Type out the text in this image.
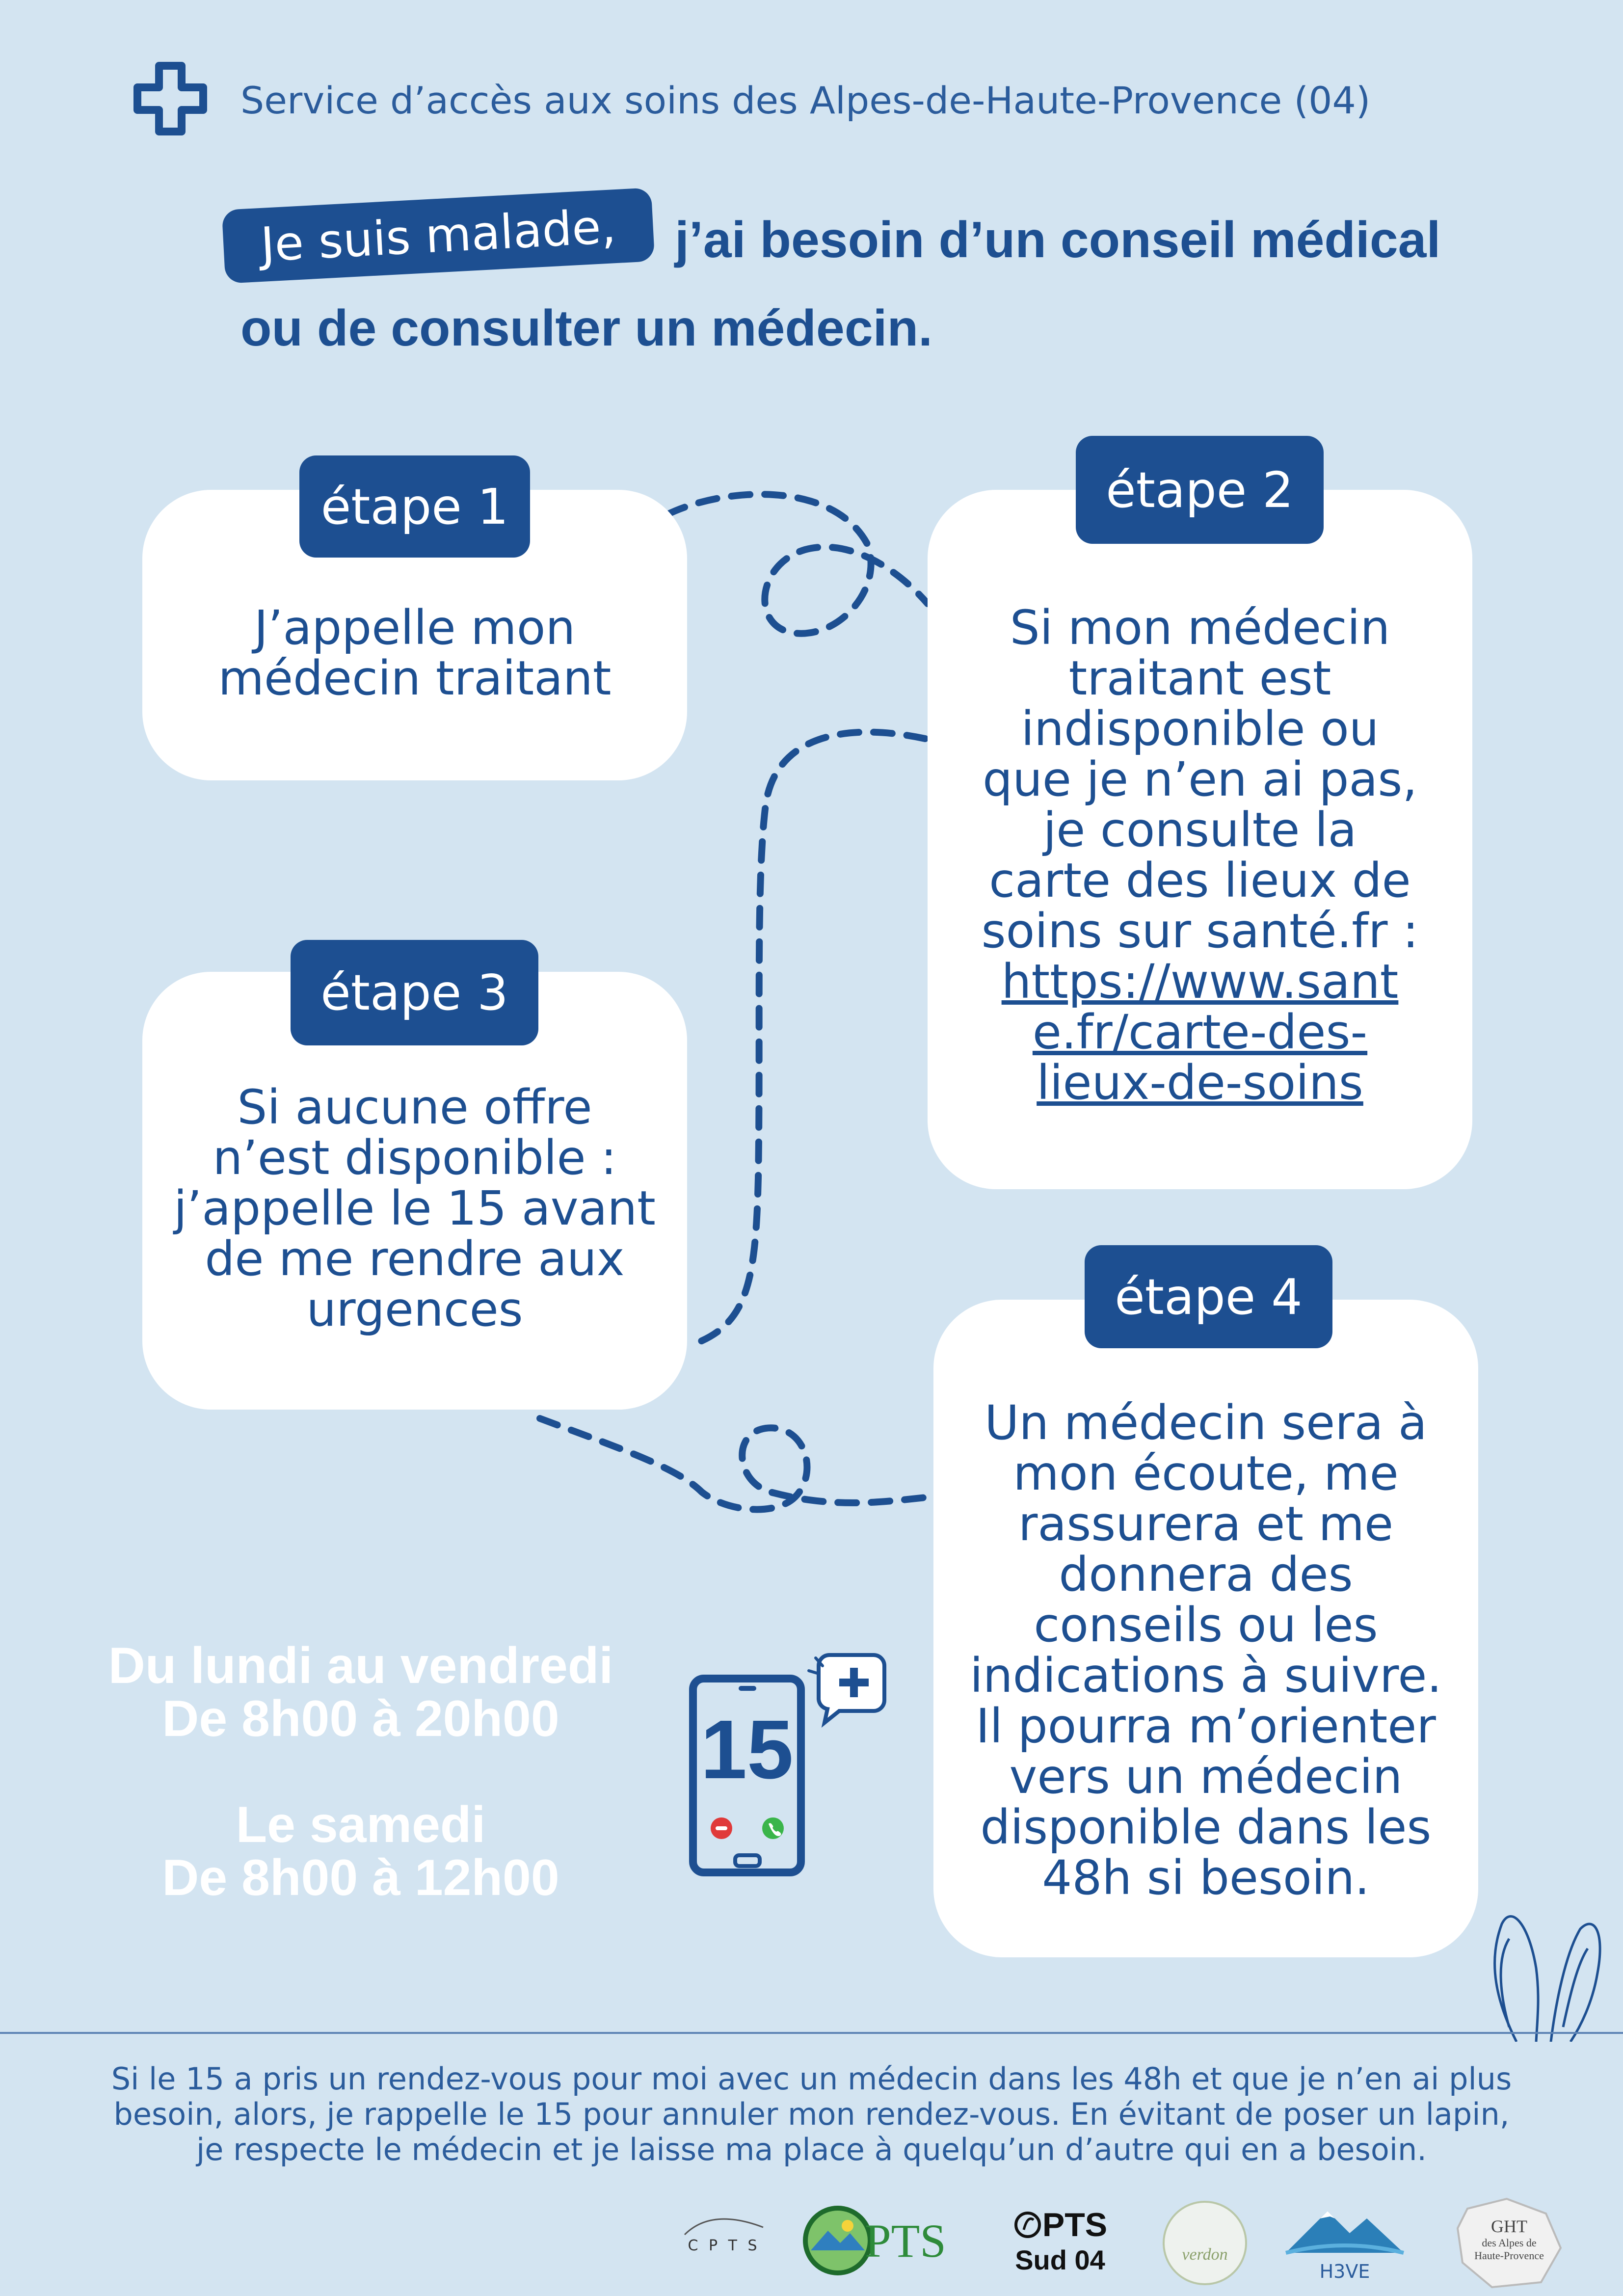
Service d’accès aux soins des Alpes-de-Haute-Provence (04)
Je suis malade,	j’ai besoin d’un conseil médical
ou de consulter un médecin.
étape 1
J’appelle mon
médecin traitant
étape 2
Si mon médecin
traitant est
indisponible ou
que je n’en ai pas,
je consulte la
carte des lieux de
soins sur santé.fr :
https://www.sant
e.fr/carte-des-
lieux-de-soins
étape 3
Si aucune offre
n’est disponible :
j’appelle le 15 avant
de me rendre aux
urgences	étape 4
Un médecin sera à
mon écoute, me
rassurera et me
donnera des
conseils ou les
indications à suivre.
Il pourra m’orienter
vers un médecin
disponible dans les
48h si besoin.
Du lundi au vendredi
De 8h00 à 20h00
Le samedi
De 8h00 à 12h00
15
Si le 15 a pris un rendez-vous pour moi avec un médecin dans les 48h et que je n’en ai plus
besoin, alors, je rappelle le 15 pour annuler mon rendez-vous. En évitant de poser un lapin,
je respecte le médecin et je laisse ma place à quelqu’un d’autre qui en a besoin.
C P T S PTS	PTS
Sud 04	verdon
H3VE
GHT
des Alpes de
Haute-Provence
